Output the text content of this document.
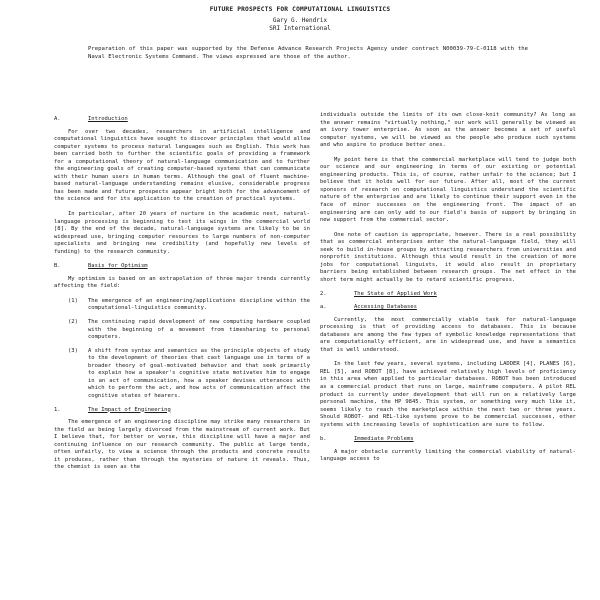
FUTURE PROSPECTS FOR COMPUTATIONAL LINGUISTICS
Gary G. Hendrix
SRI International
Preparation of this paper was supported by the Defense Advance Research Projects Agency under contract N00039-79-C-0118 with the Naval Electronic Systems Command. The views expressed are those of the author.
A.	Introduction

For over two decades, researchers in artificial intelligence and computational linguistics have sought to discover principles that would allow computer systems to process natural languages such as English. This work has been carried both to further the scientific goals of providing a framework for a computational theory of natural-language communication and to further the engineering goals of creating computer-based systems that can communicate with their human users in human terms. Although the goal of fluent machine-based natural-language understanding remains elusive, considerable progress has been made and future prospects appear bright both for the advancement of the science and for its application to the creation of practical systems.

In particular, after 20 years of nurture in the academic nest, natural-language processing is beginning to test its wings in the commercial world [8]. By the end of the decade, natural-language systems are likely to be in widespread use, bringing computer resources to large numbers of non-computer specialists and bringing new credibility (and hopefully new levels of funding) to the research community.

B.	Basis for Optimism

My optimism is based on an extrapolation of three major trends currently affecting the field:

(1)	The emergence of an engineering/applications discipline within the computational-linguistics community.
(2)	The continuing rapid development of new computing hardware coupled with the beginning of a movement from timesharing to personal computers.
(3)	A shift from syntax and semantics as the principle objects of study to the development of theories that cast language use in terms of a broader theory of goal-motivated behavior and that seek primarily to explain how a speaker's cognitive state motivates him to engage in an act of communication, how a speaker devises utterances with which to perform the act, and how acts of communication affect the cognitive states of hearers.
1.	The Impact of Engineering

The emergence of an engineering discipline may strike many researchers in the field as being largely divorced from the mainstream of current work. But I believe that, for better or worse, this discipline will have a major and continuing influence on our research community. The public at large tends, often unfairly, to view a science through the products and concrete results it produces, rather than through the mysteries of nature it reveals. Thus, the chemist is seen as the

individuals outside the limits of its own close-knit community? As long as the answer remains "virtually nothing," our work will generally be viewed as an ivory tower enterprise. As soon as the answer becomes a set of useful computer systems, we will be viewed as the people who produce such systems and who aspire to produce better ones.

My point here is that the commercial marketplace will tend to judge both our science and our engineering in terms of our existing or potential engineering products. This is, of course, rather unfair to the science; but I believe that it holds well for our future. After all, most of the current sponsors of research on computational linguistics understand the scientific nature of the enterprise and are likely to continue their support even in the face of minor successes on the engineering front. The impact of an engineering arm can only add to our field's basis of support by bringing in new support from the commercial sector.

One note of caution is appropriate, however. There is a real possibility that as commercial enterprises enter the natural-language field, they will seek to build in-house groups by attracting researchers from universities and nonprofit institutions. Although this would result in the creation of more jobs for computational linguists, it would also result in proprietary barriers being established between research groups. The net effect in the short term might actually be to retard scientific progress.

2.	The State of Applied Work
a.	Accessing Databases

Currently, the most commercially viable task for natural-language processing is that of providing access to databases. This is because databases are among the few types of symbolic knowledge representations that are computationally efficient, are in widespread use, and have a semantics that is well understood.

In the last few years, several systems, including LADDER [4], PLANES [6], REL [5], and ROBOT [8], have achieved relatively high levels of proficiency in this area when applied to particular databases. ROBOT has been introduced as a commercial product that runs on large, mainframe computers. A pilot REL product is currently under development that will run on a relatively large personal machine, the HP 9845. This system, or something very much like it, seems likely to reach the marketplace within the next two or three years. Should ROBOT- and REL-like systems prove to be commercial successes, other systems with increasing levels of sophistication are sure to follow.

b.	Immediate Problems

A major obstacle currently limiting the commercial viability of natural-language access to
